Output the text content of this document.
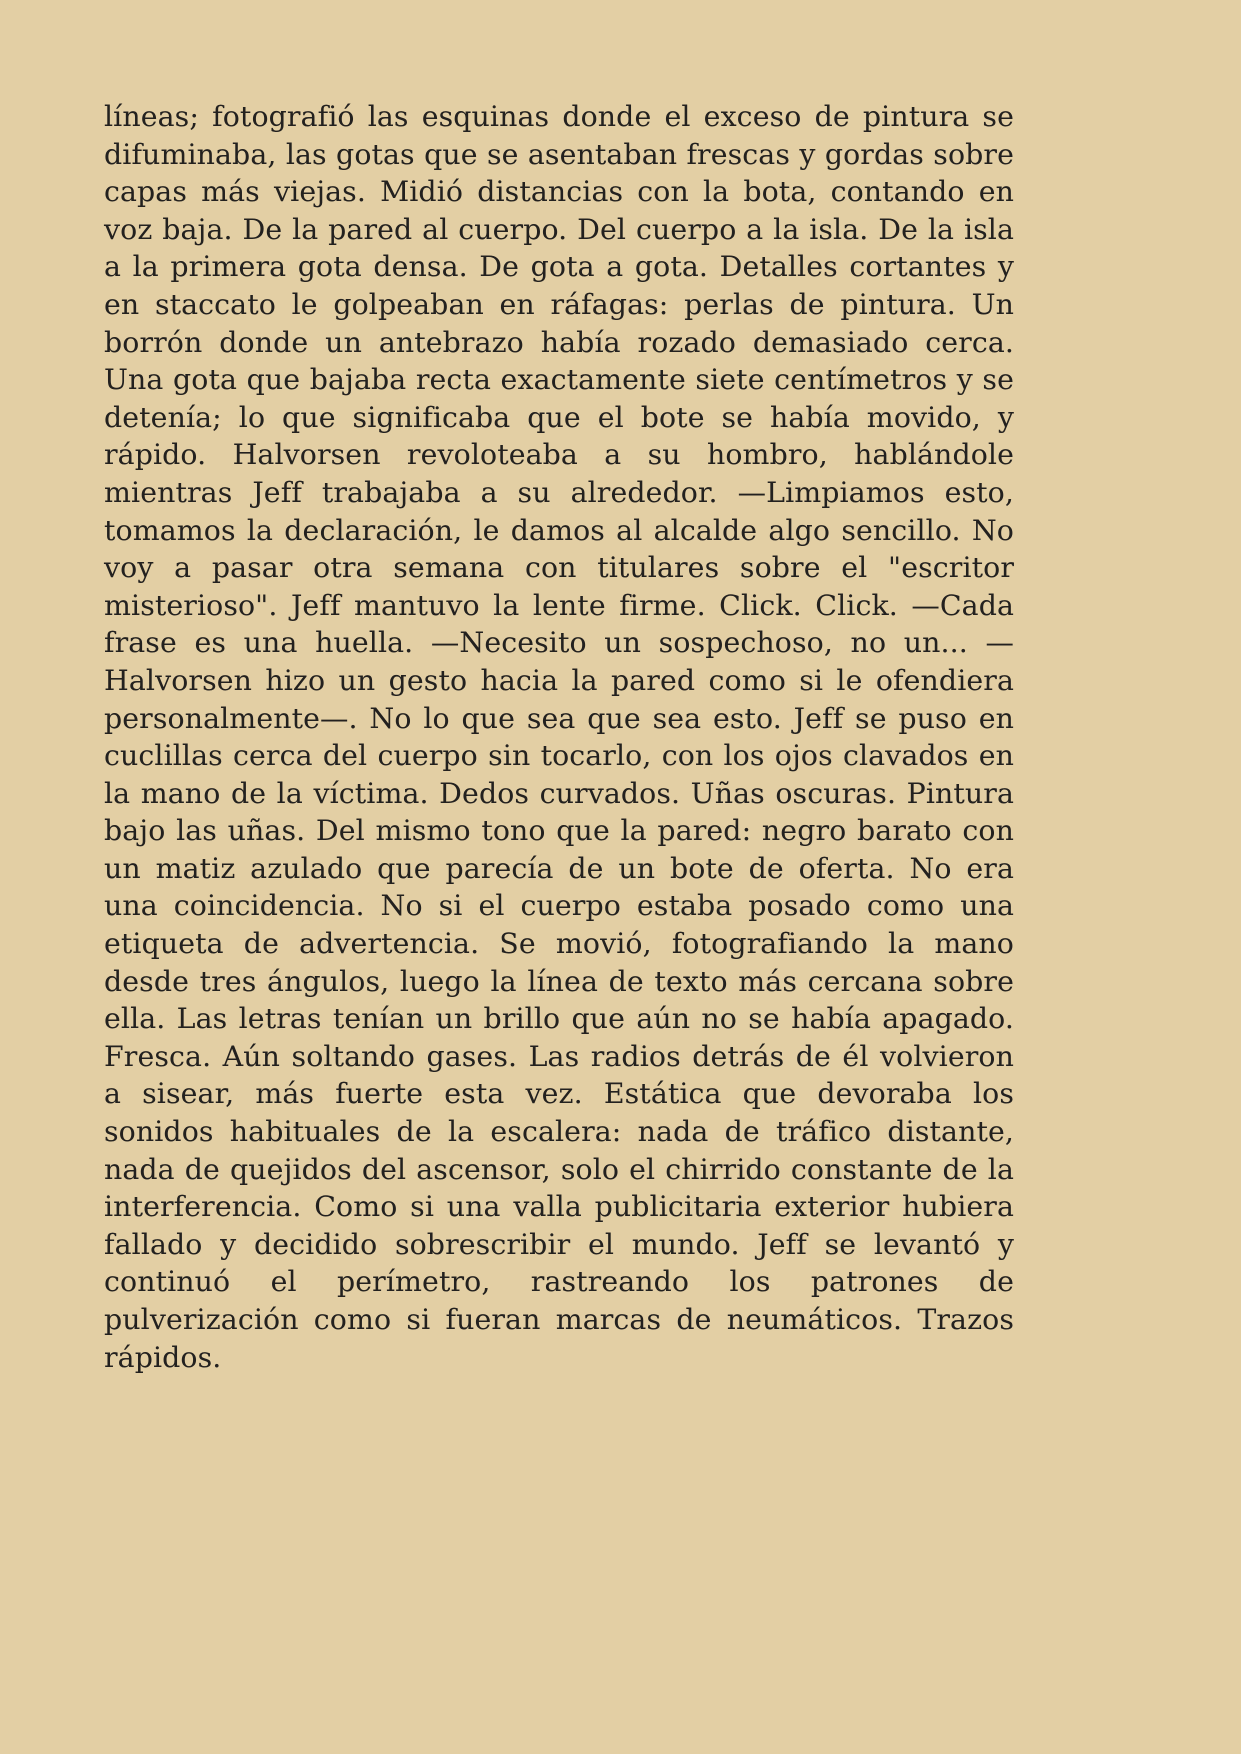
líneas; fotografió las esquinas donde el exceso de pintura se difuminaba, las gotas que se asentaban frescas y gordas sobre capas más viejas. Midió distancias con la bota, contando en voz baja. De la pared al cuerpo. Del cuerpo a la isla. De la isla a la primera gota densa. De gota a gota. Detalles cortantes y en staccato le golpeaban en ráfagas: perlas de pintura. Un borrón donde un antebrazo había rozado demasiado cerca. Una gota que bajaba recta exactamente siete centímetros y se detenía; lo que significaba que el bote se había movido, y rápido. Halvorsen revoloteaba a su hombro, hablándole mientras Jeff trabajaba a su alrededor. —Limpiamos esto, tomamos la declaración, le damos al alcalde algo sencillo. No voy a pasar otra semana con titulares sobre el "escritor misterioso". Jeff mantuvo la lente firme. Click. Click. —Cada frase es una huella. —Necesito un sospechoso, no un... —Halvorsen hizo un gesto hacia la pared como si le ofendiera personalmente—. No lo que sea que sea esto. Jeff se puso en cuclillas cerca del cuerpo sin tocarlo, con los ojos clavados en la mano de la víctima. Dedos curvados. Uñas oscuras. Pintura bajo las uñas. Del mismo tono que la pared: negro barato con un matiz azulado que parecía de un bote de oferta. No era una coincidencia. No si el cuerpo estaba posado como una etiqueta de advertencia. Se movió, fotografiando la mano desde tres ángulos, luego la línea de texto más cercana sobre ella. Las letras tenían un brillo que aún no se había apagado. Fresca. Aún soltando gases. Las radios detrás de él volvieron a sisear, más fuerte esta vez. Estática que devoraba los sonidos habituales de la escalera: nada de tráfico distante, nada de quejidos del ascensor, solo el chirrido constante de la interferencia. Como si una valla publicitaria exterior hubiera fallado y decidido sobrescribir el mundo. Jeff se levantó y continuó el perímetro, rastreando los patrones de pulverización como si fueran marcas de neumáticos. Trazos rápidos.
